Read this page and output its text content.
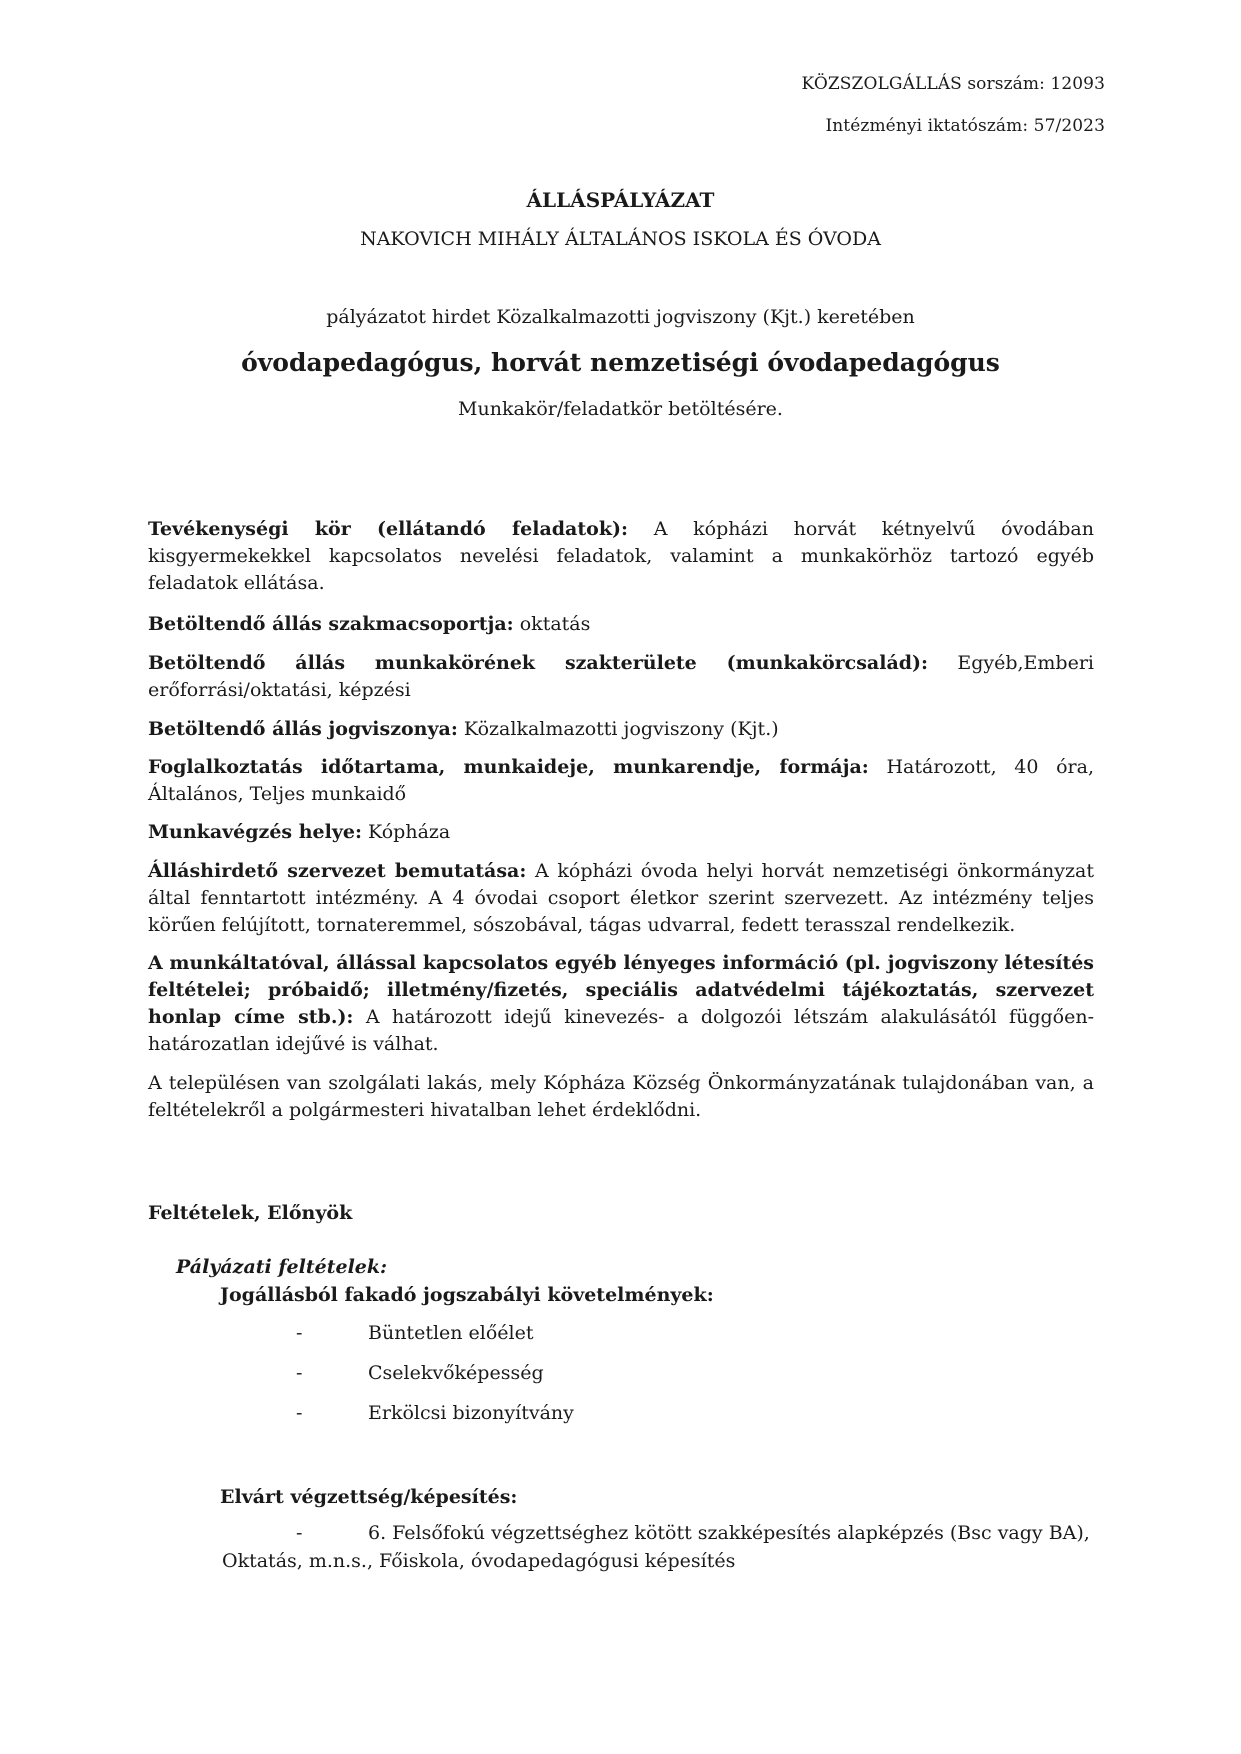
KÖZSZOLGÁLLÁS sorszám: 12093
Intézményi iktatószám: 57/2023
ÁLLÁSPÁLYÁZAT
NAKOVICH MIHÁLY ÁLTALÁNOS ISKOLA ÉS ÓVODA
pályázatot hirdet Közalkalmazotti jogviszony (Kjt.) keretében
óvodapedagógus, horvát nemzetiségi óvodapedagógus
Munkakör/feladatkör betöltésére.
Tevékenységi kör (ellátandó feladatok): A kópházi horvát kétnyelvű óvodában kisgyermekekkel kapcsolatos nevelési feladatok, valamint a munkakörhöz tartozó egyéb feladatok ellátása.
Betöltendő állás szakmacsoportja: oktatás
Betöltendő állás munkakörének szakterülete (munkakörcsalád): Egyéb,Emberi erőforrási/oktatási, képzési
Betöltendő állás jogviszonya: Közalkalmazotti jogviszony (Kjt.)
Foglalkoztatás időtartama, munkaideje, munkarendje, formája: Határozott, 40 óra, Általános, Teljes munkaidő
Munkavégzés helye: Kópháza
Álláshirdető szervezet bemutatása: A kópházi óvoda helyi horvát nemzetiségi önkormányzat által fenntartott intézmény. A 4 óvodai csoport életkor szerint szervezett. Az intézmény teljes körűen felújított, tornateremmel, sószobával, tágas udvarral, fedett terasszal rendelkezik.
A munkáltatóval, állással kapcsolatos egyéb lényeges információ (pl. jogviszony létesítés feltételei; próbaidő; illetmény/fizetés, speciális adatvédelmi tájékoztatás, szervezet honlap címe stb.): A határozott idejű kinevezés- a dolgozói létszám alakulásától függően- határozatlan idejűvé is válhat.
A településen van szolgálati lakás, mely Kópháza Község Önkormányzatának tulajdonában van, a feltételekről a polgármesteri hivatalban lehet érdeklődni.
Feltételek, Előnyök
Pályázati feltételek:
Jogállásból fakadó jogszabályi követelmények:
-	Büntetlen előélet
-	Cselekvőképesség
-	Erkölcsi bizonyítvány
Elvárt végzettség/képesítés:
-	6. Felsőfokú végzettséghez kötött szakképesítés alapképzés (Bsc vagy BA),
Oktatás, m.n.s., Főiskola, óvodapedagógusi képesítés
